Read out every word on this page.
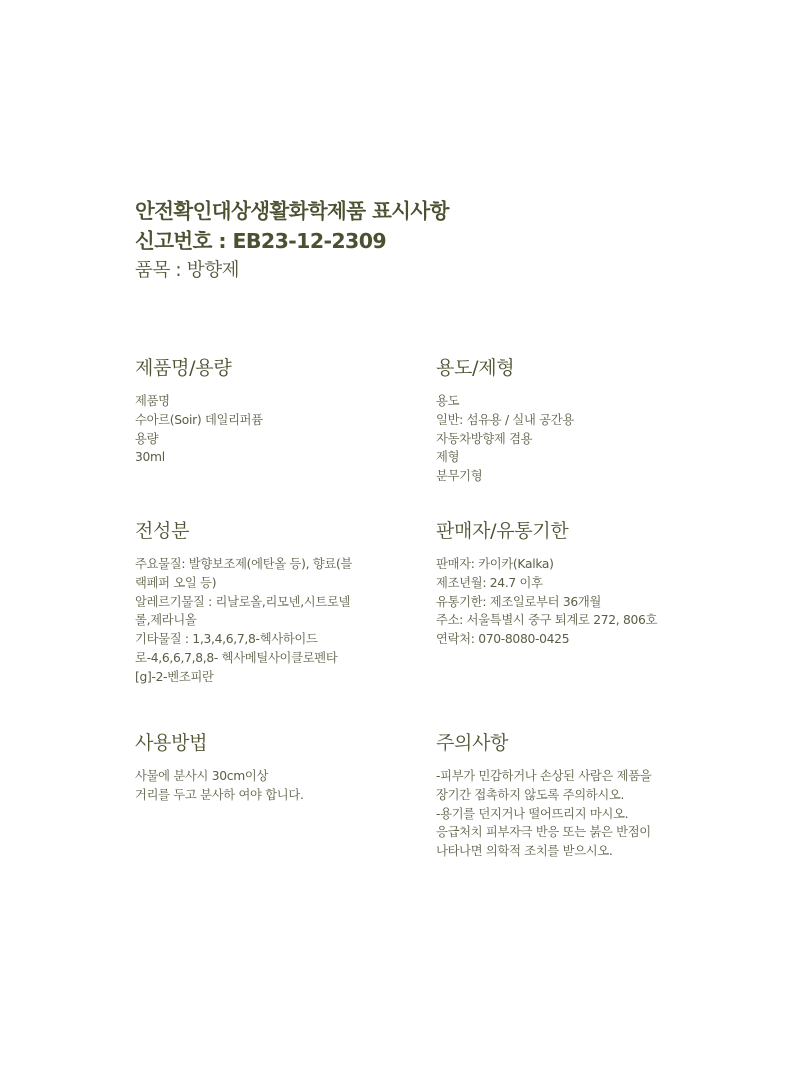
안전확인대상생활화학제품 표시사항
신고번호 : EB23-12-2309
품목 : 방향제
제품명/용량
제품명
수아르(Soir) 데일리퍼퓸
용량
30ml
용도/제형
용도
일반: 섬유용 / 실내 공간용
자동차방향제 겸용
제형
분무기형
전성분
주요물질: 발향보조제(에탄올 등), 향료(블
랙페퍼 오일 등)
알레르기물질 : 리날로올,리모넨,시트로넬
롤,제라니올
기타물질 : 1,3,4,6,7,8-헥사하이드
로-4,6,6,7,8,8- 헥사메틸사이클로펜타
[g]-2-벤조피란
판매자/유통기한
판매자: 카이카(Kalka)
제조년월: 24.7 이후
유통기한: 제조일로부터 36개월
주소: 서울특별시 중구 퇴계로 272, 806호
연락처: 070-8080-0425
사용방법
사물에 분사시 30cm이상
거리를 두고 분사하 여야 합니다.
주의사항
-피부가 민감하거나 손상된 사람은 제품을
장기간 접촉하지 않도록 주의하시오.
-용기를 던지거나 떨어뜨리지 마시오.
응급처치 피부자극 반응 또는 붉은 반점이
나타나면 의학적 조치를 받으시오.
